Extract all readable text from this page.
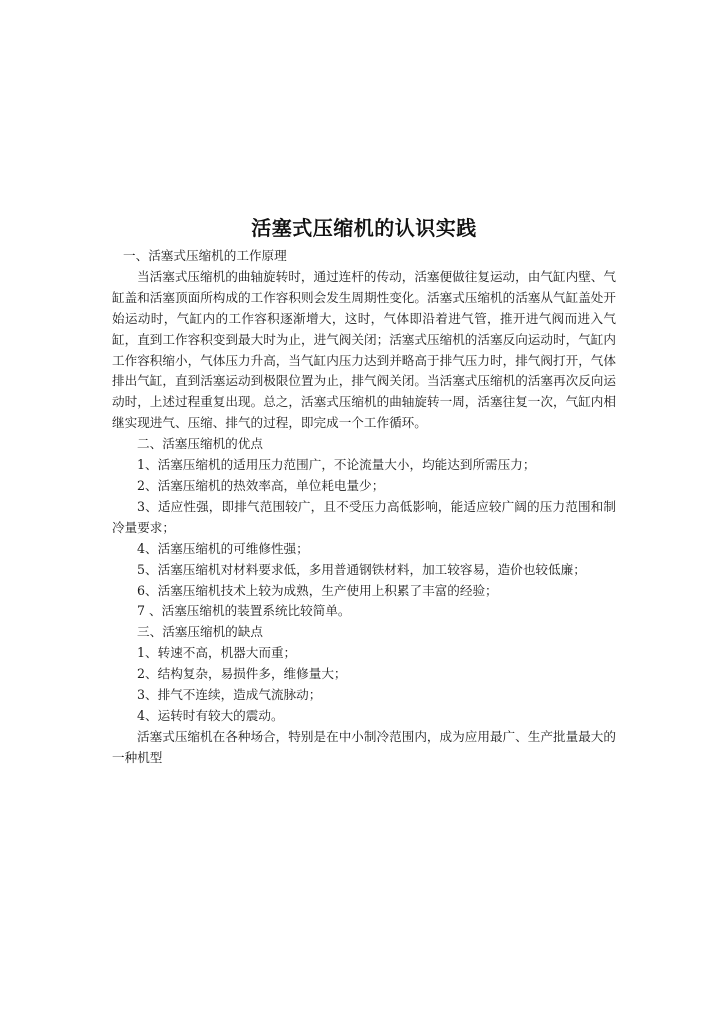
活塞式压缩机的认识实践

一、活塞式压缩机的工作原理

当活塞式压缩机的曲轴旋转时，通过连杆的传动，活塞便做往复运动，由气缸内壁、气缸盖和活塞顶面所构成的工作容积则会发生周期性变化。活塞式压缩机的活塞从气缸盖处开始运动时，气缸内的工作容积逐渐增大，这时，气体即沿着进气管，推开进气阀而进入气缸，直到工作容积变到最大时为止，进气阀关闭；活塞式压缩机的活塞反向运动时，气缸内工作容积缩小，气体压力升高，当气缸内压力达到并略高于排气压力时，排气阀打开，气体排出气缸，直到活塞运动到极限位置为止，排气阀关闭。当活塞式压缩机的活塞再次反向运动时，上述过程重复出现。总之，活塞式压缩机的曲轴旋转一周，活塞往复一次，气缸内相继实现进气、压缩、排气的过程，即完成一个工作循环。

二、活塞压缩机的优点

1、活塞压缩机的适用压力范围广，不论流量大小，均能达到所需压力；

2、活塞压缩机的热效率高，单位耗电量少；

3、适应性强，即排气范围较广，且不受压力高低影响，能适应较广阔的压力范围和制冷量要求；

4、活塞压缩机的可维修性强；

5、活塞压缩机对材料要求低，多用普通钢铁材料，加工较容易，造价也较低廉；

6、活塞压缩机技术上较为成熟，生产使用上积累了丰富的经验；

7 、活塞压缩机的装置系统比较简单。

三、活塞压缩机的缺点

1、转速不高，机器大而重；

2、结构复杂，易损件多，维修量大；

3、排气不连续，造成气流脉动；

4、运转时有较大的震动。

活塞式压缩机在各种场合，特别是在中小制冷范围内，成为应用最广、生产批量最大的一种机型
